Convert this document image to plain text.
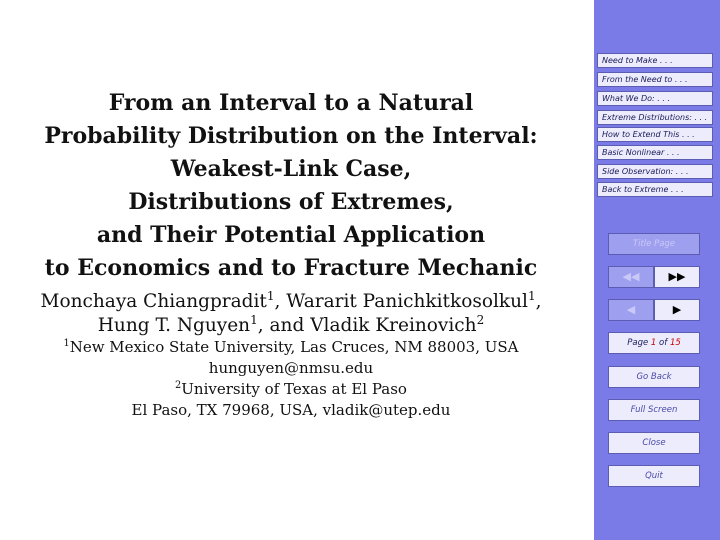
From an Interval to a Natural
Probability Distribution on the Interval:
Weakest-Link Case,
Distributions of Extremes,
and Their Potential Application
to Economics and to Fracture Mechanic
Monchaya Chiangpradit$^1$, Wararit Panichkitkosolkul$^1$,
Hung T. Nguyen$^1$, and Vladik Kreinovich$^2$
$^1$New Mexico State University, Las Cruces, NM 88003, USA
hunguyen@nmsu.edu
$^2$University of Texas at El Paso
El Paso, TX 79968, USA, vladik@utep.edu
Need to Make . . .
From the Need to . . .
What We Do: . . .
Extreme Distributions: . . .
How to Extend This . . .
Basic Nonlinear . . .
Side Observation: . . .
Back to Extreme . . .
Title Page
◀◀	▶▶
◀	▶
Page 1 of 15
Go Back
Full Screen
Close
Quit
